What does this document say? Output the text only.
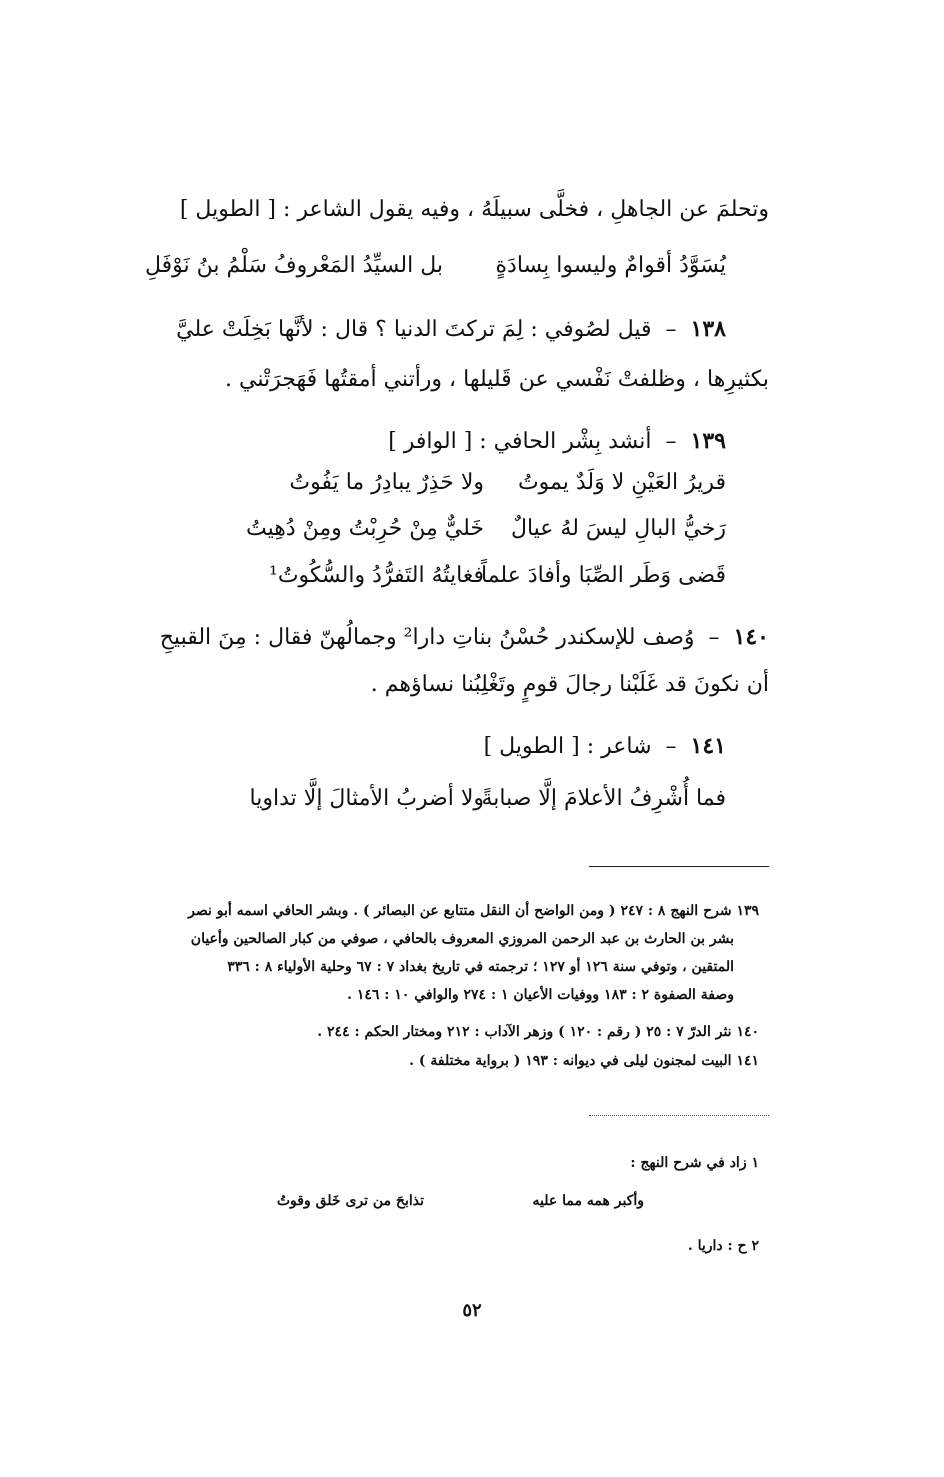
وتحلمَ عن الجاهلِ ، فخلَّى سبيلَهُ ، وفيه يقول الشاعر : [ الطويل ]
يُسَوَّدُ أقوامٌ وليسوا بِسادَةٍ
بل السيِّدُ المَعْروفُ سَلْمُ بنُ نَوْفَلِ
١٣٨  –  قيل لصُوفي : لِمَ تركتَ الدنيا ؟ قال : لأنَّها بَخِلَتْ عليَّ
بكثيرِها ، وظلفتْ نَفْسي عن قَليلها ، ورأتني أمقتُها فَهَجرَتْني .
١٣٩  –  أنشد بِشْر الحافي : [ الوافر ]
قريرُ العَيْنِ لا وَلَدٌ يموتُ
ولا حَذِرٌ يبادِرُ ما يَفُوتُ
رَخيُّ البالِ ليسَ لهُ عيالٌ
خَليٌّ مِنْ حُرِبْتُ ومِنْ دُهِيتُ
قَضى وَطَر الصِّبَا وأفادَ علماً
فغايتُهُ التَفرُّدُ والسُّكُوتُ¹
١٤٠  –  وُصف للإسكندر حُسْنُ بناتِ دارا² وجمالُهنّ فقال : مِنَ القبيحِ
أن نكونَ قد غَلَبْنا رجالَ قومٍ وتَغْلِبُنا نساؤهم .
١٤١  –  شاعر : [ الطويل ]
فما أُشْرِفُ الأعلامَ إلَّا صبابةً
ولا أضربُ الأمثالَ إلَّا تداويا
١٣٩ شرح النهج ٨ : ٢٤٧ ( ومن الواضح أن النقل متتابع عن البصائر ) . وبشر الحافي اسمه أبو نصر
بشر بن الحارث بن عبد الرحمن المروزي المعروف بالحافي ، صوفي من كبار الصالحين وأعيان
المتقين ، وتوفي سنة ١٢٦ أو ١٢٧ ؛ ترجمته في تاريخ بغداد ٧ : ٦٧ وحلية الأولياء ٨ : ٣٣٦
وصفة الصفوة ٢ : ١٨٣ ووفيات الأعيان ١ : ٢٧٤ والوافي ١٠ : ١٤٦ .
١٤٠ نثر الدرّ ٧ : ٢٥ ( رقم : ١٢٠ ) وزهر الآداب : ٢١٢ ومختار الحكم : ٢٤٤ .
١٤١ البيت لمجنون ليلى في ديوانه : ١٩٣ ( برواية مختلفة ) .
١ زاد في شرح النهج :
وأكبر همه مما عليه
تذابحَ من ترى خَلق وقوتُ
٢ ح : داريا .
٥٢
